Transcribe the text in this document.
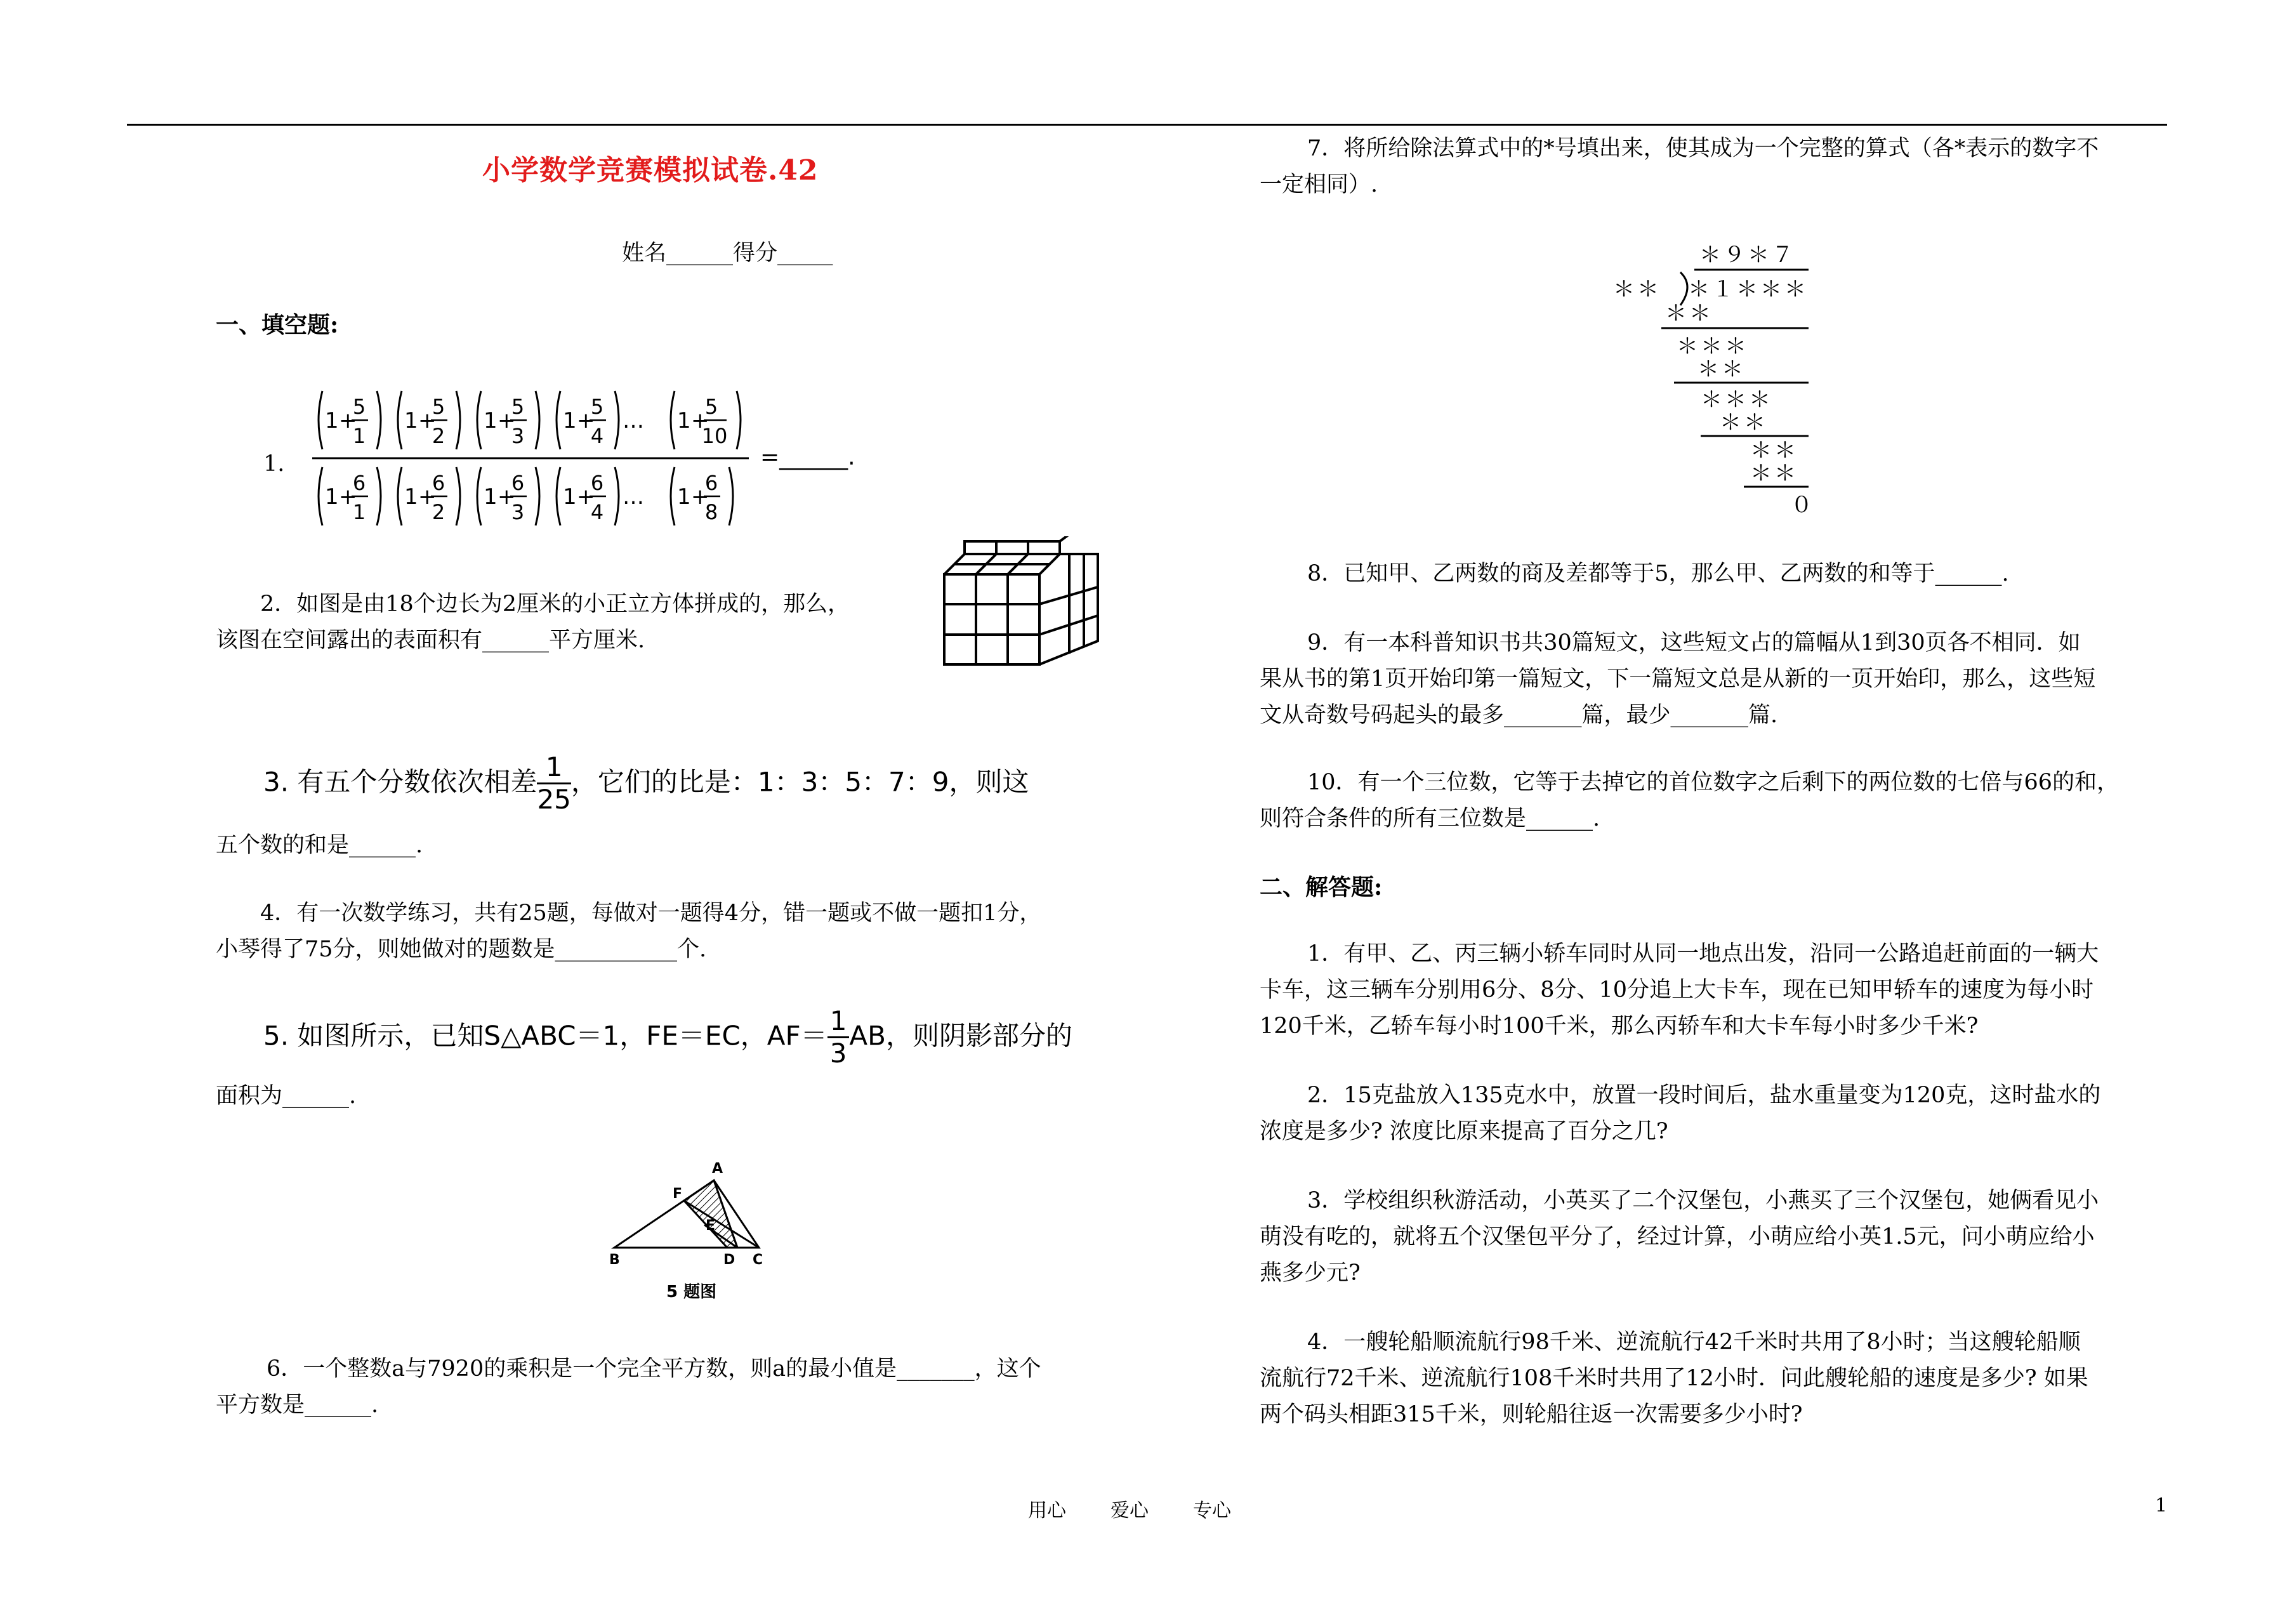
小学数学竞赛模拟试卷.42
姓名______得分_____
一、填空题:
1.
1 +
5
1
1 +
5
2
1 +
5
3
1 +
5
4
… 1 +
5
10
1 +
6
1
1 +
6
2
1 +
6
3
1 +
6
4
… 1 +
6
8
=______.
2．如图是由18个边长为2厘米的小正立方体拼成的，那么，
该图在空间露出的表面积有______平方厘米.
3. 有五个分数依次相差 $\frac{1}{25}$ ，它们的比是：1：3：5：7：9，则这
五个数的和是______.
4．有一次数学练习，共有25题，每做对一题得4分，错一题或不做一题扣1分，
小琴得了75分，则她做对的题数是___________个.
5. 如图所示，已知S△ABC＝1，FE＝EC，$AF= \frac{1}{3}$ AB，则阴影部分的
面积为______.
A
F
E
B	D C
5 题图
6．一个整数a与7920的乘积是一个完全平方数，则a的最小值是_______，这个
平方数是______.
7．将所给除法算式中的*号填出来，使其成为一个完整的算式（各*表示的数字不
一定相同）.
＊９＊７
＊＊ ＊１＊＊＊
＊＊
＊＊＊
＊＊
＊＊＊
＊＊
＊＊
＊＊
０
8．已知甲、乙两数的商及差都等于5，那么甲、乙两数的和等于______.
9．有一本科普知识书共30篇短文，这些短文占的篇幅从1到30页各不相同．如
果从书的第1页开始印第一篇短文，下一篇短文总是从新的一页开始印，那么，这些短
文从奇数号码起头的最多_______篇，最少_______篇.
10．有一个三位数，它等于去掉它的首位数字之后剩下的两位数的七倍与66的和，
则符合条件的所有三位数是______.
二、解答题:
1．有甲、乙、丙三辆小轿车同时从同一地点出发，沿同一公路追赶前面的一辆大
卡车，这三辆车分别用6分、8分、10分追上大卡车，现在已知甲轿车的速度为每小时
120千米，乙轿车每小时100千米，那么丙轿车和大卡车每小时多少千米?
2．15克盐放入135克水中，放置一段时间后，盐水重量变为120克，这时盐水的
浓度是多少? 浓度比原来提高了百分之几?
3．学校组织秋游活动，小英买了二个汉堡包，小燕买了三个汉堡包，她俩看见小
萌没有吃的，就将五个汉堡包平分了，经过计算，小萌应给小英1.5元，问小萌应给小
燕多少元?
4．一艘轮船顺流航行98千米、逆流航行42千米时共用了8小时；当这艘轮船顺
流航行72千米、逆流航行108千米时共用了12小时．问此艘轮船的速度是多少? 如果
两个码头相距315千米，则轮船往返一次需要多少小时?
用心 爱心 专心	1
